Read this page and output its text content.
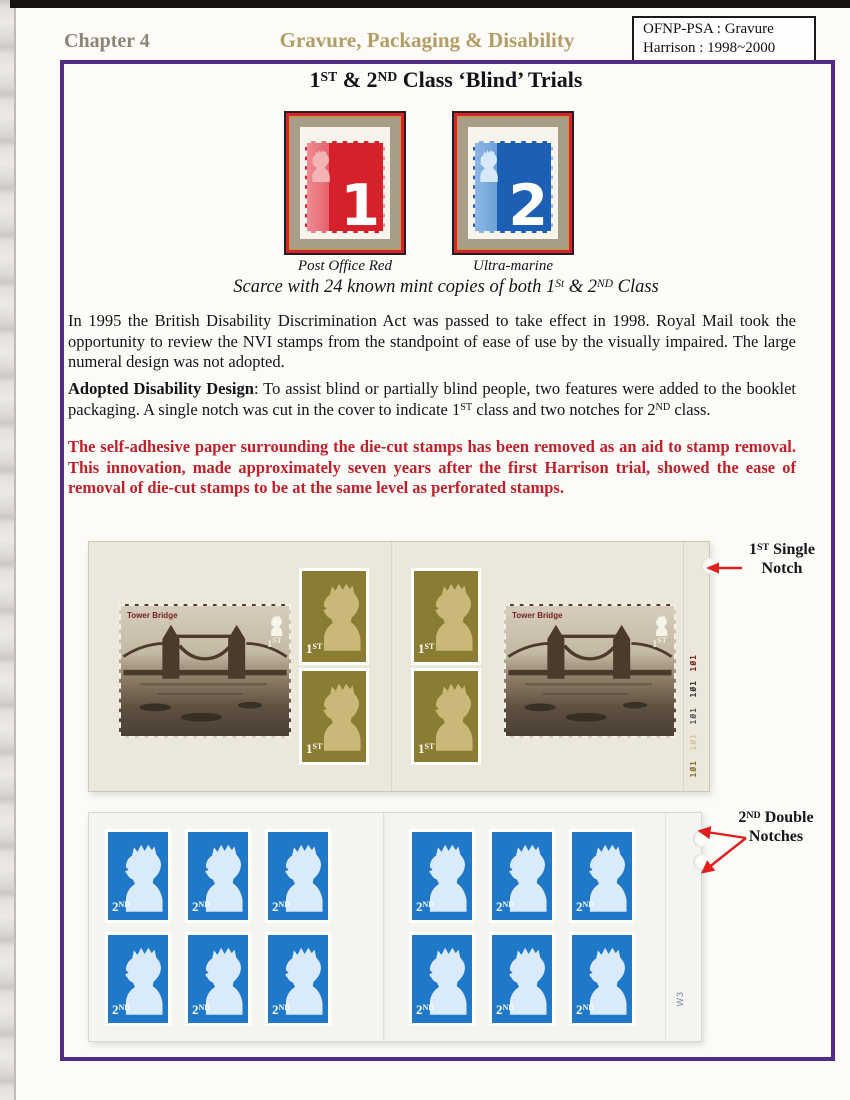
Chapter 4	Gravure, Packaging & Disability	OFNP-PSA : Gravure
Harrison : 1998~2000
1ST & 2ND Class ‘Blind’ Trials
1 2
Post Office Red	Ultra-marine
Scarce with 24 known mint copies of both 1St & 2ND Class
In 1995 the British Disability Discrimination Act was passed to take effect in 1998. Royal Mail took the opportunity to review the NVI stamps from the standpoint of ease of use by the visually impaired. The large numeral design was not adopted.
Adopted Disability Design: To assist blind or partially blind people, two features were added to the booklet packaging. A single notch was cut in the cover to indicate 1ST class and two notches for 2ND class.
The self-adhesive paper surrounding the die-cut stamps has been removed as an aid to stamp removal. This innovation, made approximately seven years after the first Harrison trial, showed the ease of removal of die-cut stamps to be at the same level as perforated stamps.
Tower Bridge
1ST
1ST	1ST
1ST	1ST
Tower Bridge
1ST
1Ø1
1Ø1
1Ø1
1Ø1
1Ø1
1ST Single
Notch
2ND	2ND	2ND	2ND	2ND	2ND
2ND	2ND	2ND	2ND	2ND	2ND
W3
2ND Double
Notches
